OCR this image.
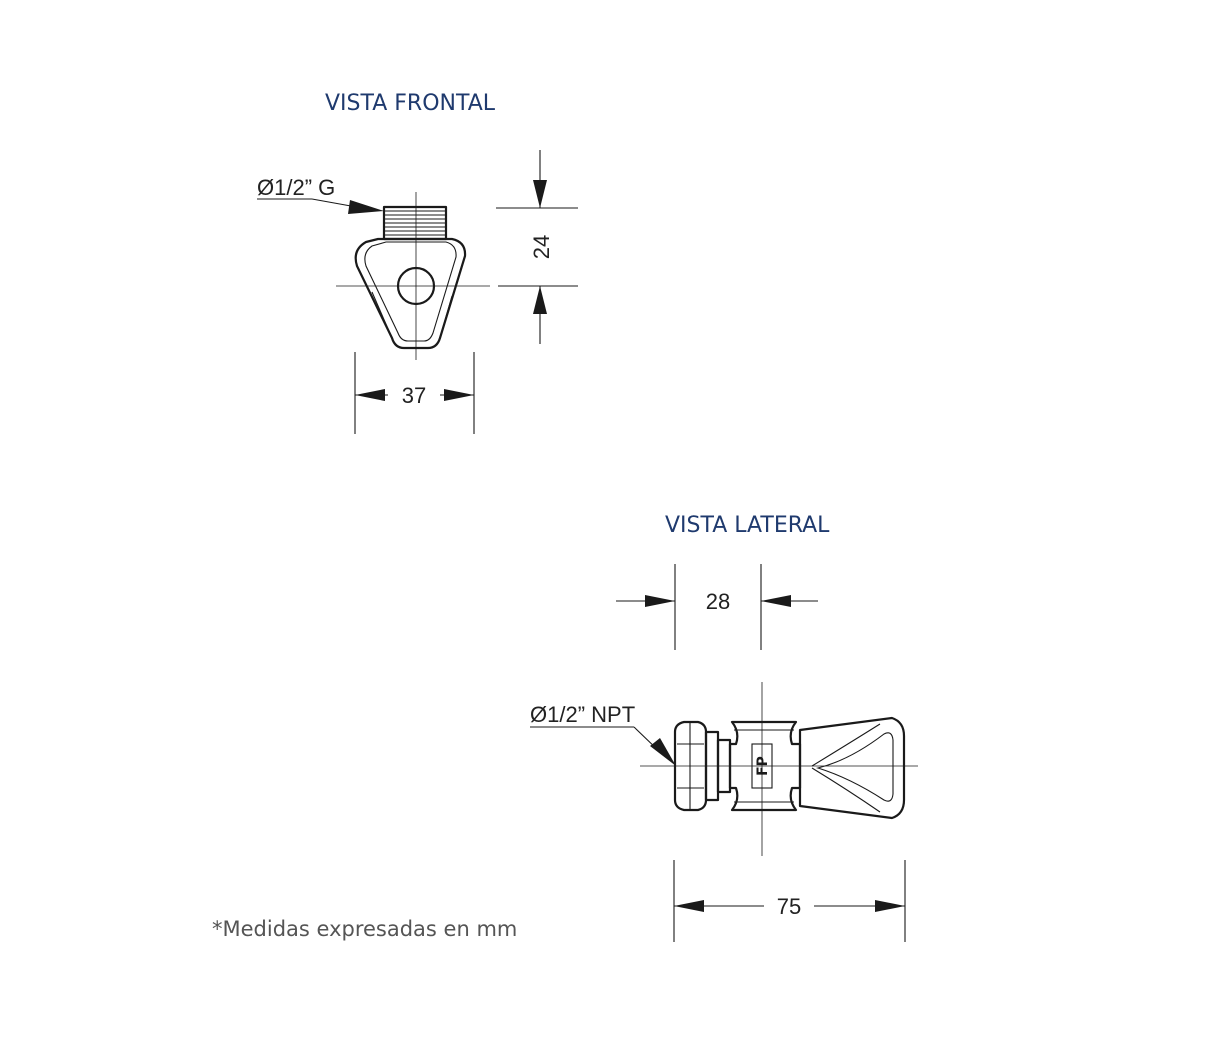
VISTA FRONTAL
Ø1/2” G
24
37
VISTA LATERAL
28
Ø1/2” NPT
FP
75
*Medidas expresadas en mm
